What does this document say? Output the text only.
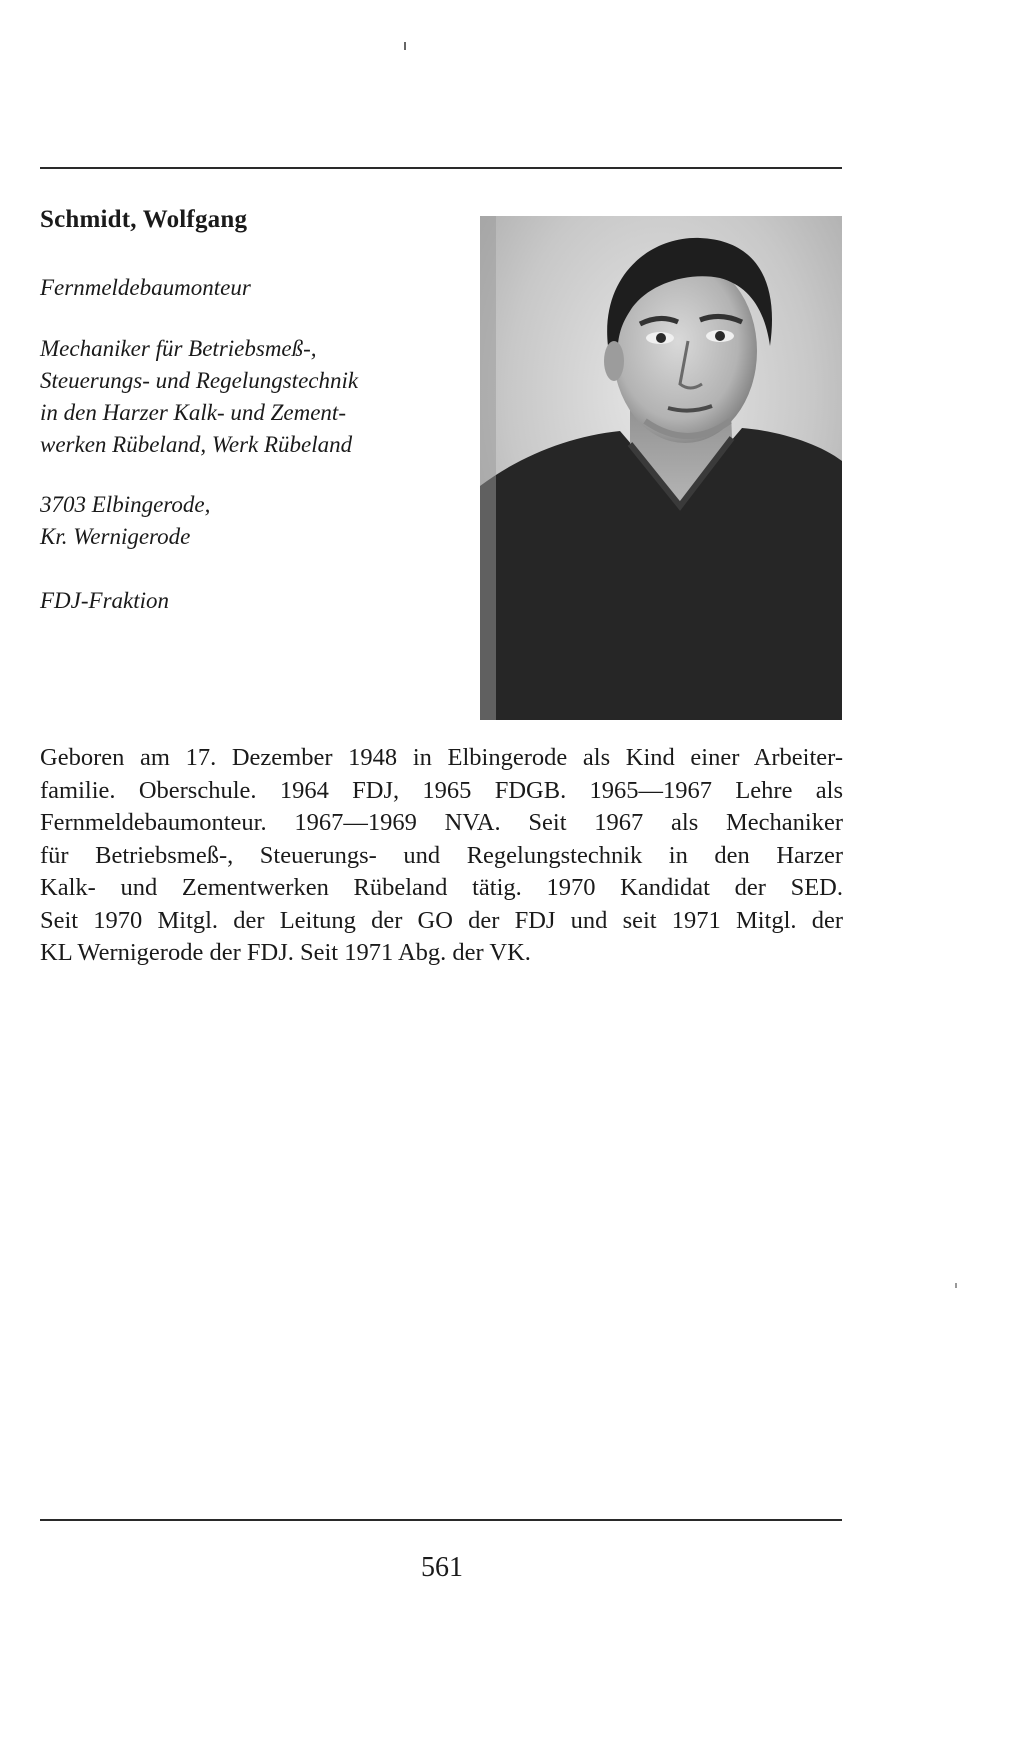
Schmidt, Wolfgang

Fernmeldebaumonteur

Mechaniker für Betriebsmeß-,
Steuerungs- und Regelungstechnik
in den Harzer Kalk- und Zement-
werken Rübeland, Werk Rübeland

3703 Elbingerode,
Kr. Wernigerode

FDJ-Fraktion

Geboren am 17. Dezember 1948 in Elbingerode als Kind einer Arbeiter-
familie. Oberschule. 1964 FDJ, 1965 FDGB. 1965—1967 Lehre als
Fernmeldebaumonteur. 1967—1969 NVA. Seit 1967 als Mechaniker
für Betriebsmeß-, Steuerungs- und Regelungstechnik in den Harzer
Kalk- und Zementwerken Rübeland tätig. 1970 Kandidat der SED.
Seit 1970 Mitgl. der Leitung der GO der FDJ und seit 1971 Mitgl. der
KL Wernigerode der FDJ. Seit 1971 Abg. der VK.

561
